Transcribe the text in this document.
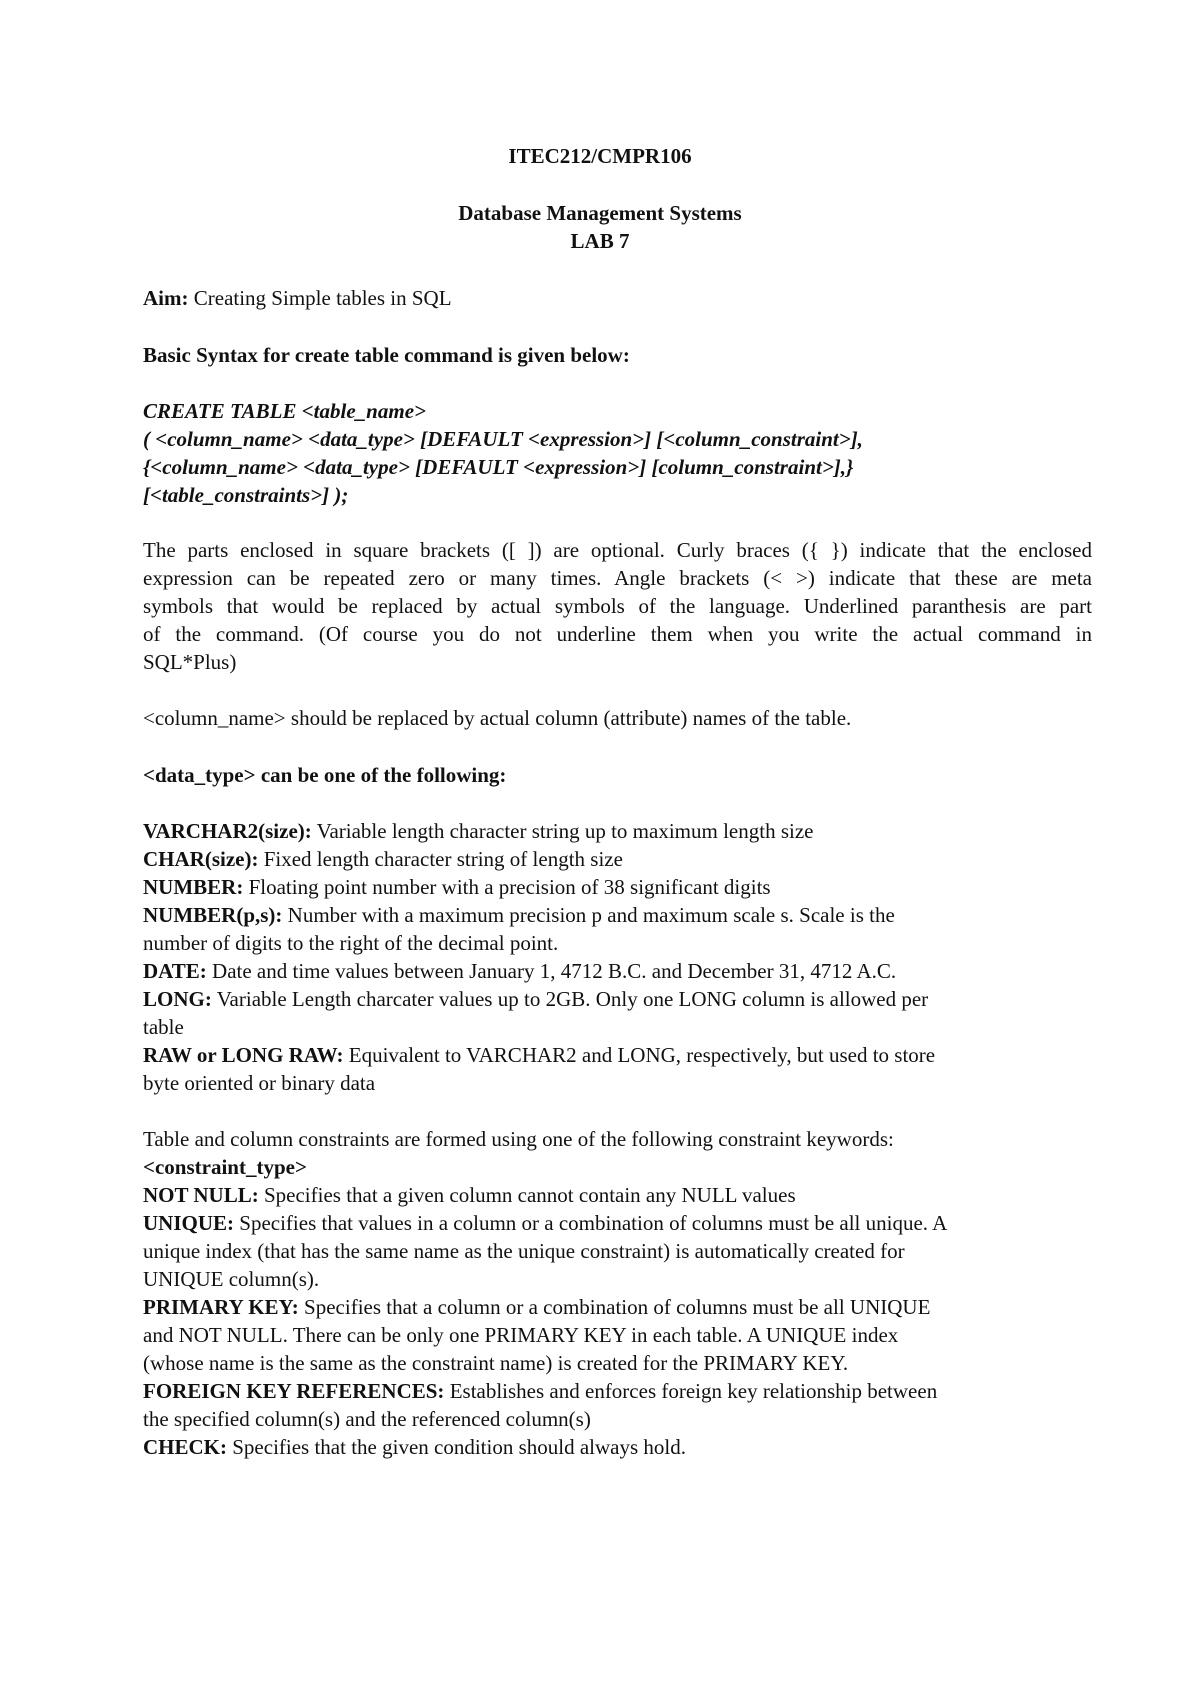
ITEC212/CMPR106

Database Management Systems

LAB 7

Aim: Creating Simple tables in SQL

Basic Syntax for create table command is given below:

CREATE TABLE <table_name>

( <column_name> <data_type> [DEFAULT <expression>] [<column_constraint>],

{<column_name> <data_type> [DEFAULT <expression>] [column_constraint>],}

[<table_constraints>] );

The parts enclosed in square brackets ([ ]) are optional. Curly braces ({ }) indicate that the enclosed

expression can be repeated zero or many times. Angle brackets (< >) indicate that these are meta

symbols that would be replaced by actual symbols of the language. Underlined paranthesis are part

of the command. (Of course you do not underline them when you write the actual command in

SQL*Plus)

<column_name> should be replaced by actual column (attribute) names of the table.

<data_type> can be one of the following:

VARCHAR2(size): Variable length character string up to maximum length size

CHAR(size): Fixed length character string of length size

NUMBER: Floating point number with a precision of 38 significant digits

NUMBER(p,s): Number with a maximum precision p and maximum scale s. Scale is the

number of digits to the right of the decimal point.

DATE: Date and time values between January 1, 4712 B.C. and December 31, 4712 A.C.

LONG: Variable Length charcater values up to 2GB. Only one LONG column is allowed per

table

RAW or LONG RAW: Equivalent to VARCHAR2 and LONG, respectively, but used to store

byte oriented or binary data

Table and column constraints are formed using one of the following constraint keywords:

<constraint_type>

NOT NULL: Specifies that a given column cannot contain any NULL values

UNIQUE: Specifies that values in a column or a combination of columns must be all unique. A

unique index (that has the same name as the unique constraint) is automatically created for

UNIQUE column(s).

PRIMARY KEY: Specifies that a column or a combination of columns must be all UNIQUE

and NOT NULL. There can be only one PRIMARY KEY in each table. A UNIQUE index

(whose name is the same as the constraint name) is created for the PRIMARY KEY.

FOREIGN KEY REFERENCES: Establishes and enforces foreign key relationship between

the specified column(s) and the referenced column(s)

CHECK: Specifies that the given condition should always hold.
